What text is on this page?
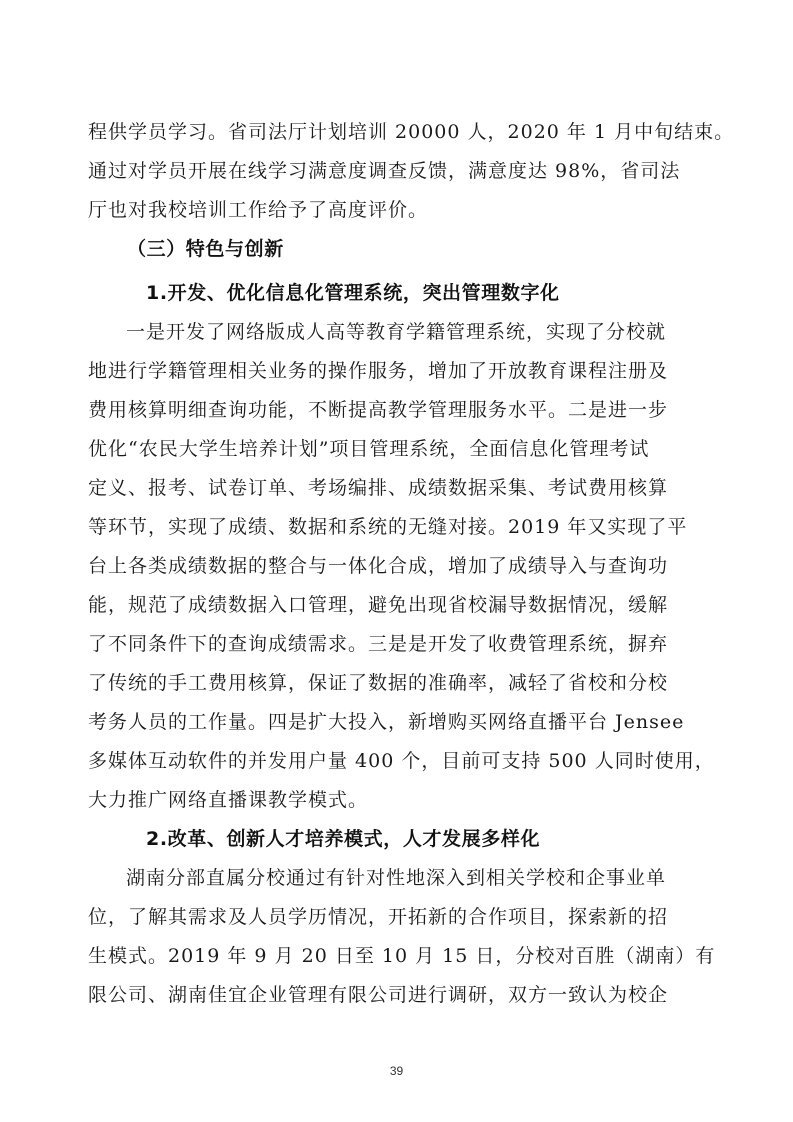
程供学员学习。省司法厅计划培训 20000 人，2020 年 1 月中旬结束。
通过对学员开展在线学习满意度调查反馈，满意度达 98%，省司法
厅也对我校培训工作给予了高度评价。
（三）特色与创新
1.开发、优化信息化管理系统，突出管理数字化
一是开发了网络版成人高等教育学籍管理系统，实现了分校就
地进行学籍管理相关业务的操作服务，增加了开放教育课程注册及
费用核算明细查询功能，不断提高教学管理服务水平。二是进一步
优化“农民大学生培养计划”项目管理系统，全面信息化管理考试
定义、报考、试卷订单、考场编排、成绩数据采集、考试费用核算
等环节，实现了成绩、数据和系统的无缝对接。2019 年又实现了平
台上各类成绩数据的整合与一体化合成，增加了成绩导入与查询功
能，规范了成绩数据入口管理，避免出现省校漏导数据情况，缓解
了不同条件下的查询成绩需求。三是是开发了收费管理系统，摒弃
了传统的手工费用核算，保证了数据的准确率，减轻了省校和分校
考务人员的工作量。四是扩大投入，新增购买网络直播平台 Jensee
多媒体互动软件的并发用户量 400 个，目前可支持 500 人同时使用，
大力推广网络直播课教学模式。
2.改革、创新人才培养模式，人才发展多样化
湖南分部直属分校通过有针对性地深入到相关学校和企事业单
位，了解其需求及人员学历情况，开拓新的合作项目，探索新的招
生模式。2019 年 9 月 20 日至 10 月 15 日，分校对百胜（湖南）有
限公司、湖南佳宜企业管理有限公司进行调研，双方一致认为校企
39
